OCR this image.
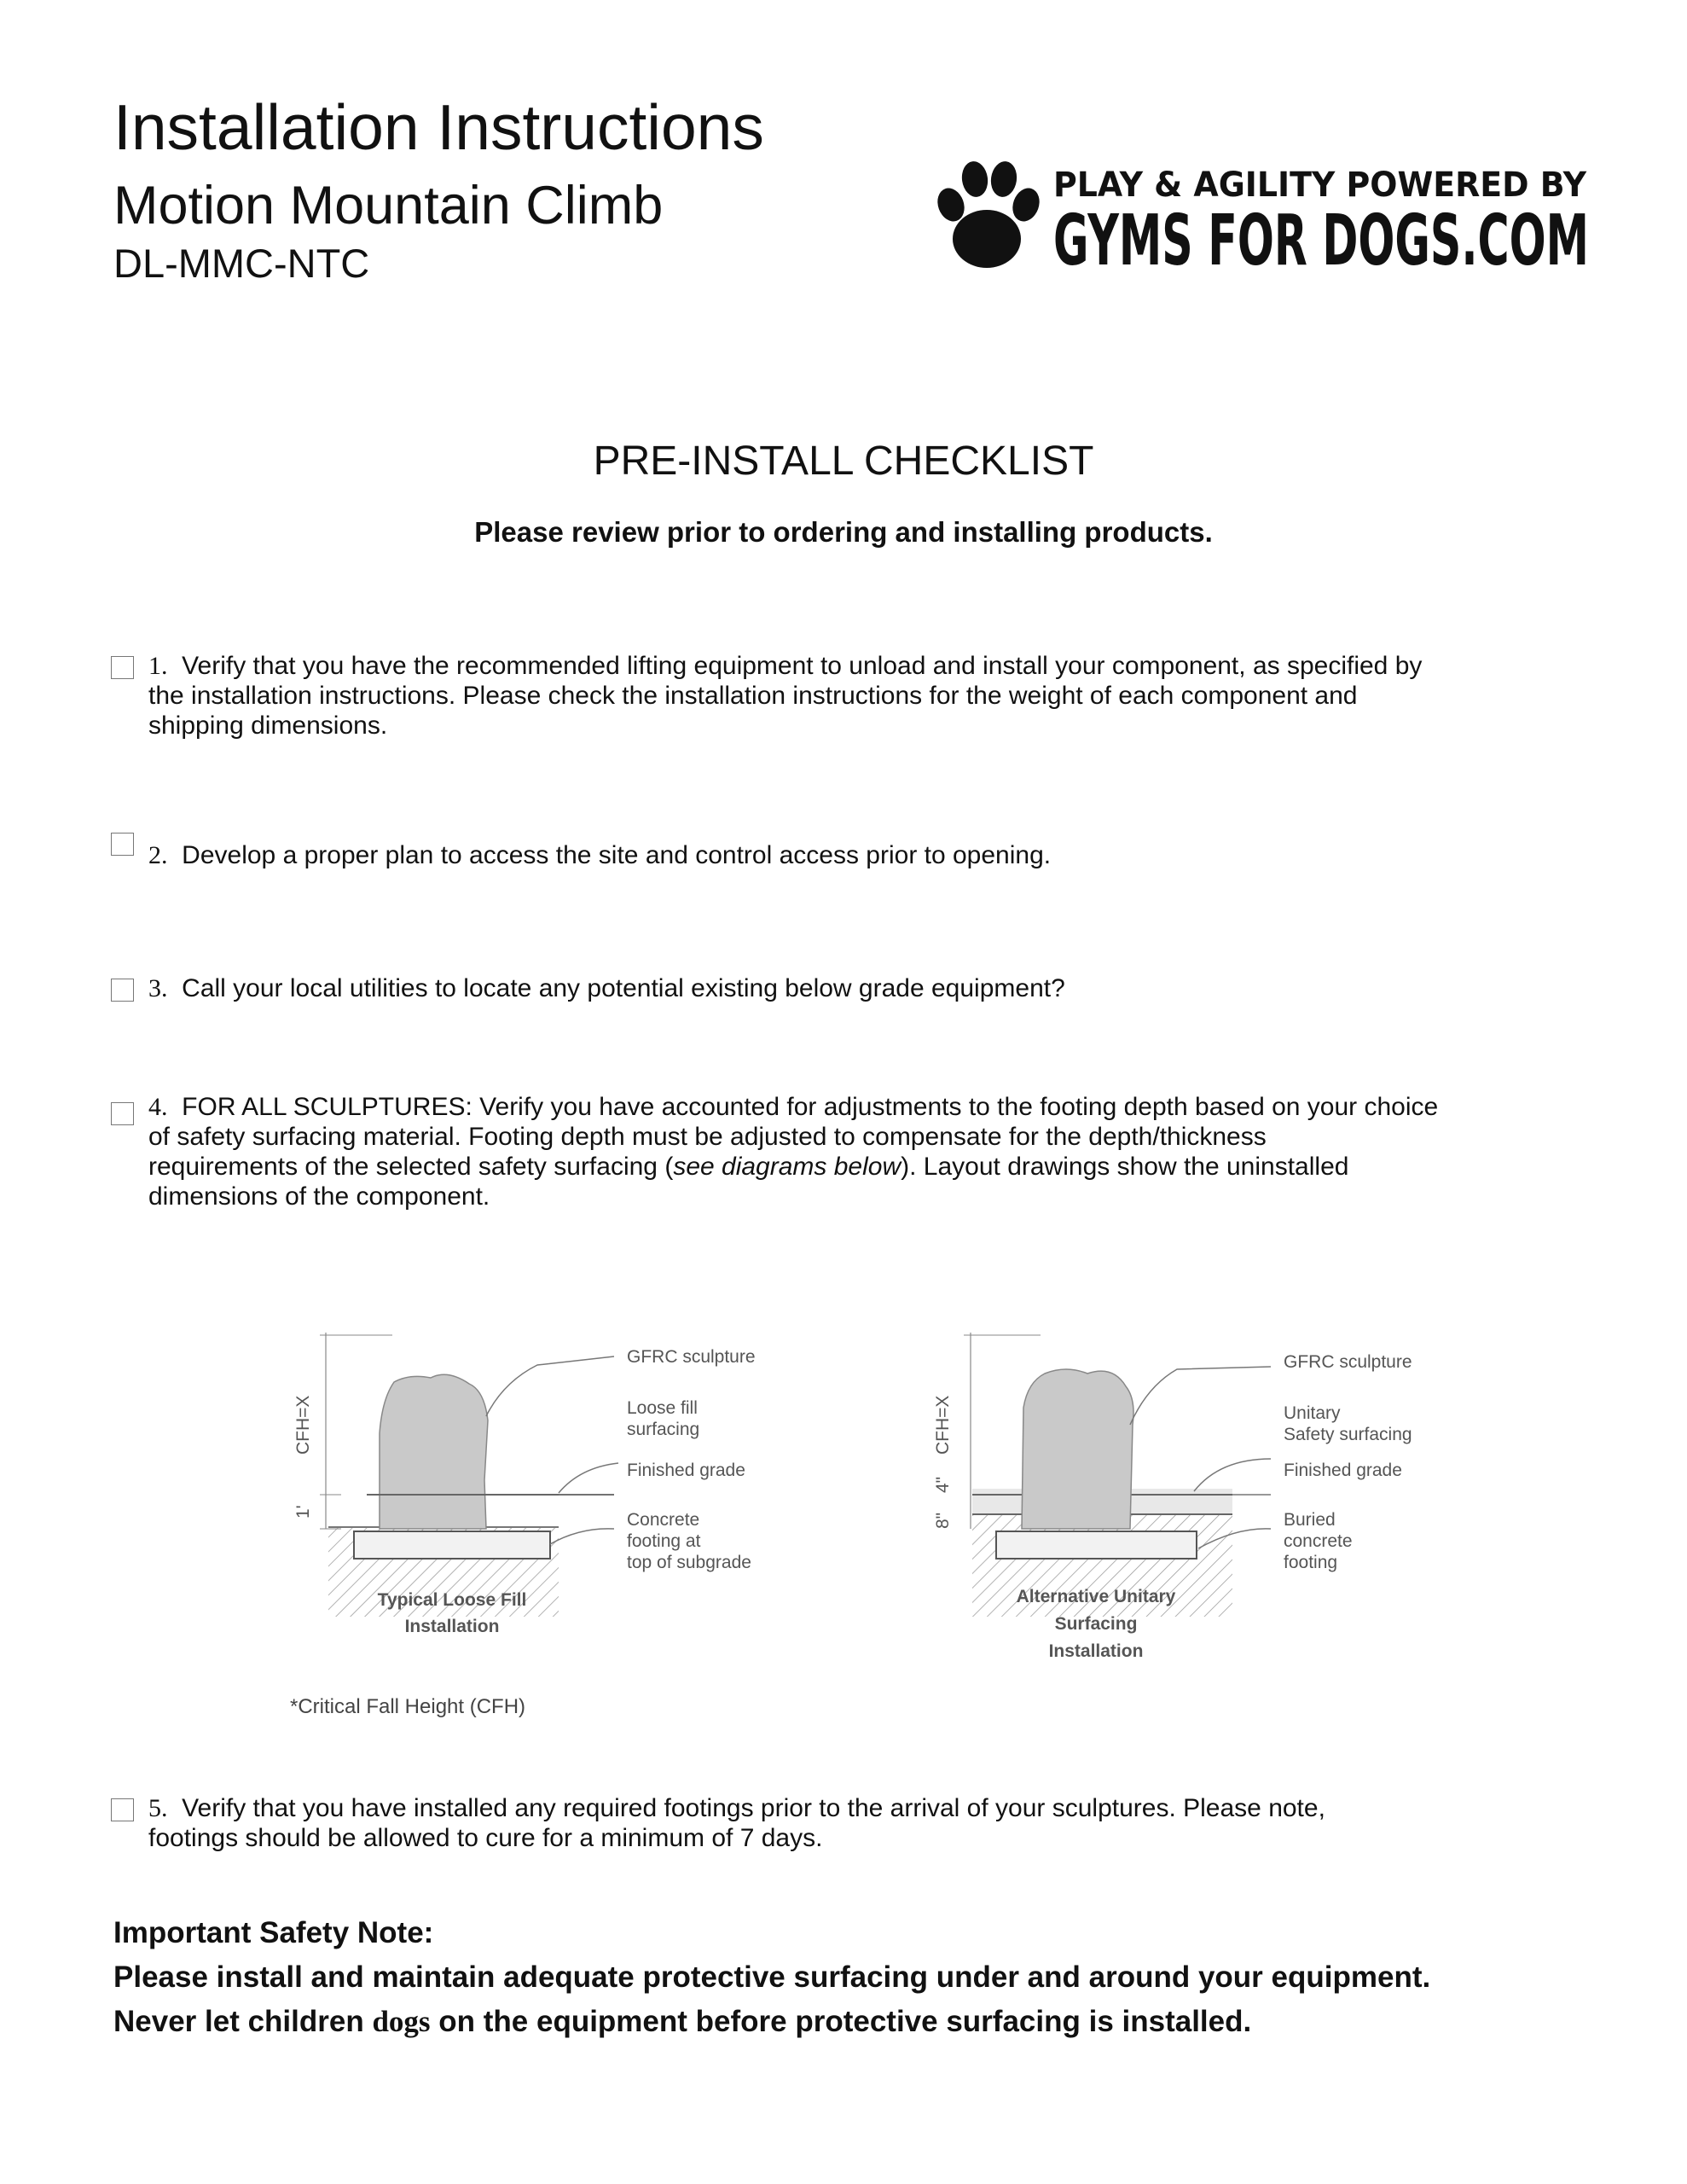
Installation Instructions
Motion Mountain Climb
DL-MMC-NTC
PLAY & AGILITY POWERED BY
GYMS FOR DOGS.COM
PRE-INSTALL CHECKLIST
Please review prior to ordering and installing products.
1. Verify that you have the recommended lifting equipment to unload and install your component, as specified by
the installation instructions. Please check the installation instructions for the weight of each component and
shipping dimensions.
2. Develop a proper plan to access the site and control access prior to opening.
3. Call your local utilities to locate any potential existing below grade equipment?
4. FOR ALL SCULPTURES: Verify you have accounted for adjustments to the footing depth based on your choice
of safety surfacing material. Footing depth must be adjusted to compensate for the depth/thickness
requirements of the selected safety surfacing (see diagrams below). Layout drawings show the uninstalled
dimensions of the component.
CFH=X
1'
GFRC sculpture
Loose fill
surfacing
Finished grade
Concrete
footing at
top of subgrade
Typical Loose Fill
Installation
CFH=X
8"
4"
GFRC sculpture
Unitary
Safety surfacing
Finished grade
Buried
concrete
footing
Alternative Unitary
Surfacing
Installation
*Critical Fall Height (CFH)
5. Verify that you have installed any required footings prior to the arrival of your sculptures. Please note,
footings should be allowed to cure for a minimum of 7 days.
Important Safety Note:
Please install and maintain adequate protective surfacing under and around your equipment.
Never let children dogs on the equipment before protective surfacing is installed.
